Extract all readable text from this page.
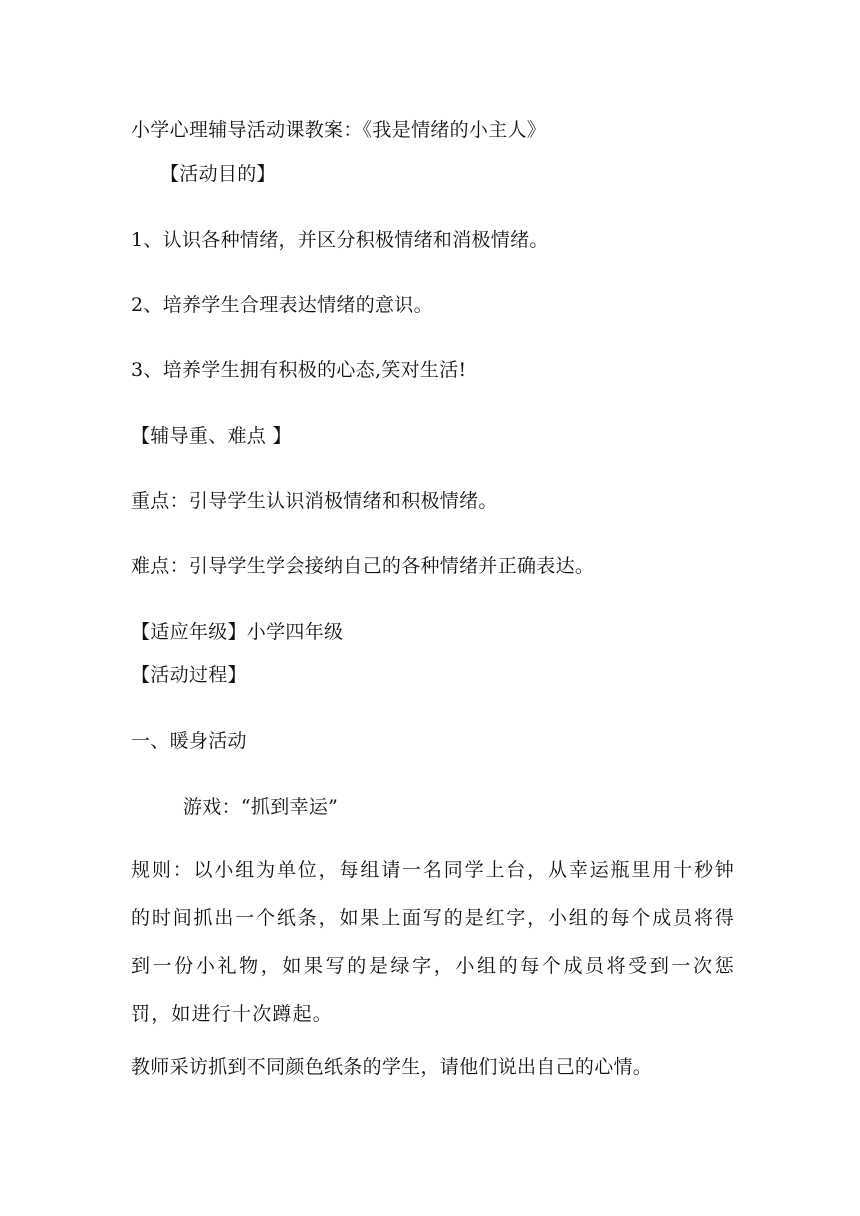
小学心理辅导活动课教案：《我是情绪的小主人》
【活动目的】
1、认识各种情绪，并区分积极情绪和消极情绪。
2、培养学生合理表达情绪的意识。
3、培养学生拥有积极的心态,笑对生活!
【辅导重、难点 】
重点：引导学生认识消极情绪和积极情绪。
难点：引导学生学会接纳自己的各种情绪并正确表达。
【适应年级】小学四年级
【活动过程】
一、暖身活动
游戏：“抓到幸运”
规则：以小组为单位，每组请一名同学上台，从幸运瓶里用十秒钟的时间抓出一个纸条，如果上面写的是红字，小组的每个成员将得到一份小礼物，如果写的是绿字，小组的每个成员将受到一次惩罚，如进行十次蹲起。
教师采访抓到不同颜色纸条的学生，请他们说出自己的心情。
